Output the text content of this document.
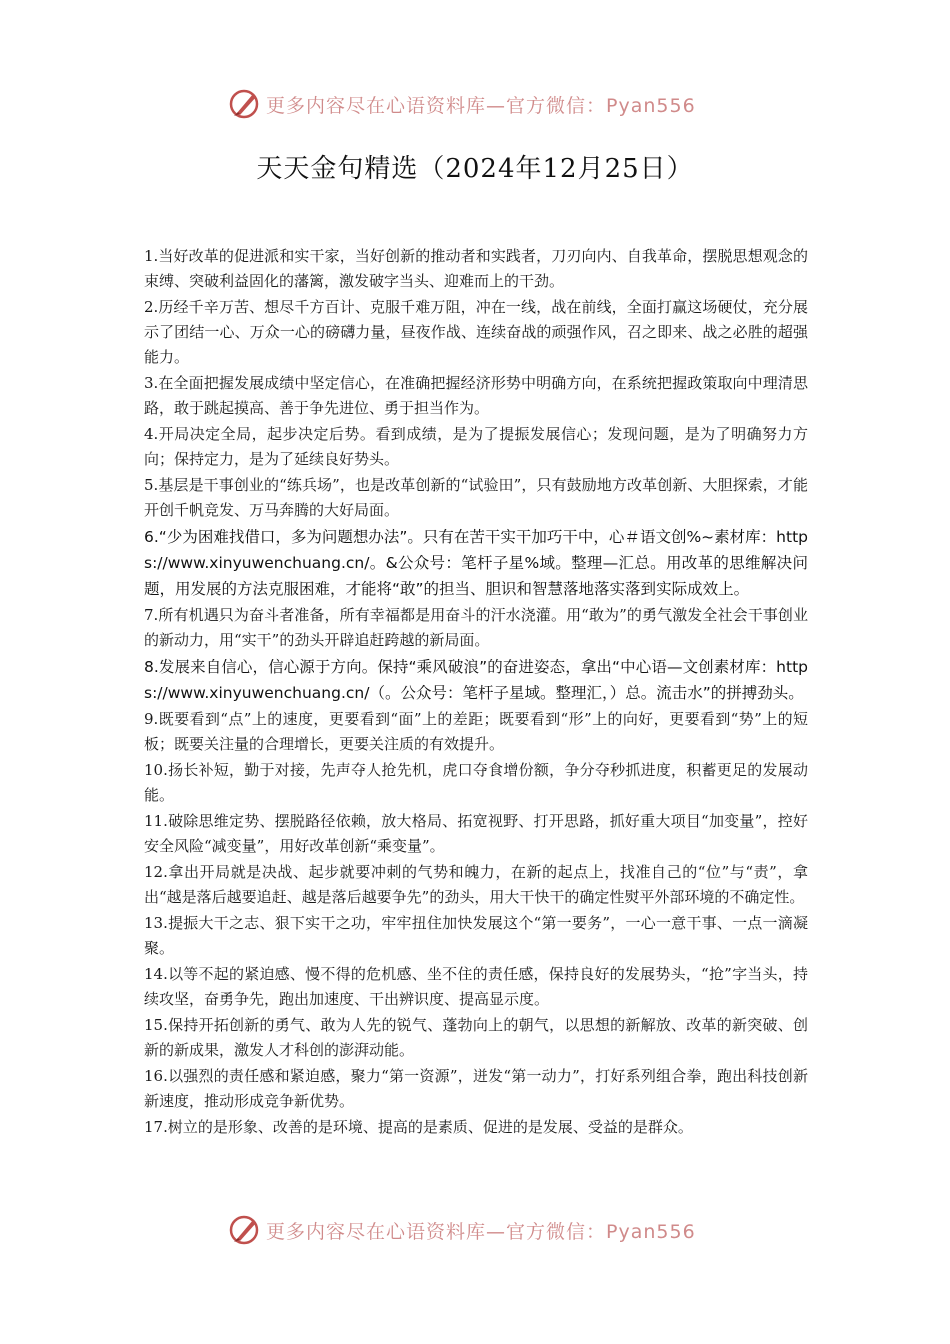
更多内容尽在心语资料库—官方微信：Pyan556
天天金句精选（2024年12月25日）

1.当好改革的促进派和实干家，当好创新的推动者和实践者，刀刃向内、自我革命，摆脱思想观念的束缚、突破利益固化的藩篱，激发破字当头、迎难而上的干劲。

2.历经千辛万苦、想尽千方百计、克服千难万阻，冲在一线，战在前线，全面打赢这场硬仗，充分展示了团结一心、万众一心的磅礴力量，昼夜作战、连续奋战的顽强作风，召之即来、战之必胜的超强能力。

3.在全面把握发展成绩中坚定信心，在准确把握经济形势中明确方向，在系统把握政策取向中理清思路，敢于跳起摸高、善于争先进位、勇于担当作为。

4.开局决定全局，起步决定后势。看到成绩，是为了提振发展信心；发现问题，是为了明确努力方向；保持定力，是为了延续良好势头。

5.基层是干事创业的“练兵场”，也是改革创新的“试验田”，只有鼓励地方改革创新、大胆探索，才能开创千帆竞发、万马奔腾的大好局面。

6.“少为困难找借口，多为问题想办法”。只有在苦干实干加巧干中，心＃语文创%~素材库：https://www.xinyuwenchuang.cn/。&公众号：笔杆子星%域。整理—汇总。用改革的思维解决问题，用发展的方法克服困难，才能将“敢”的担当、胆识和智慧落地落实落到实际成效上。

7.所有机遇只为奋斗者准备，所有幸福都是用奋斗的汗水浇灌。用“敢为”的勇气激发全社会干事创业的新动力，用“实干”的劲头开辟追赶跨越的新局面。

8.发展来自信心，信心源于方向。保持“乘风破浪”的奋进姿态，拿出“中心语—文创素材库：https://www.xinyuwenchuang.cn/（。公众号：笔杆子星域。整理汇，）总。流击水”的拼搏劲头。

9.既要看到“点”上的速度，更要看到“面”上的差距；既要看到“形”上的向好，更要看到“势”上的短板；既要关注量的合理增长，更要关注质的有效提升。

10.扬长补短，勤于对接，先声夺人抢先机，虎口夺食增份额，争分夺秒抓进度，积蓄更足的发展动能。

11.破除思维定势、摆脱路径依赖，放大格局、拓宽视野、打开思路，抓好重大项目“加变量”，控好安全风险“减变量”，用好改革创新“乘变量”。

12.拿出开局就是决战、起步就要冲刺的气势和魄力，在新的起点上，找准自己的“位”与“责”，拿出“越是落后越要追赶、越是落后越要争先”的劲头，用大干快干的确定性熨平外部环境的不确定性。

13.提振大干之志、狠下实干之功，牢牢扭住加快发展这个“第一要务”，一心一意干事、一点一滴凝聚。

14.以等不起的紧迫感、慢不得的危机感、坐不住的责任感，保持良好的发展势头，“抢”字当头，持续攻坚，奋勇争先，跑出加速度、干出辨识度、提高显示度。

15.保持开拓创新的勇气、敢为人先的锐气、蓬勃向上的朝气，以思想的新解放、改革的新突破、创新的新成果，激发人才科创的澎湃动能。

16.以强烈的责任感和紧迫感，聚力“第一资源”，迸发“第一动力”，打好系列组合拳，跑出科技创新新速度，推动形成竞争新优势。

17.树立的是形象、改善的是环境、提高的是素质、促进的是发展、受益的是群众。

更多内容尽在心语资料库—官方微信：Pyan556
